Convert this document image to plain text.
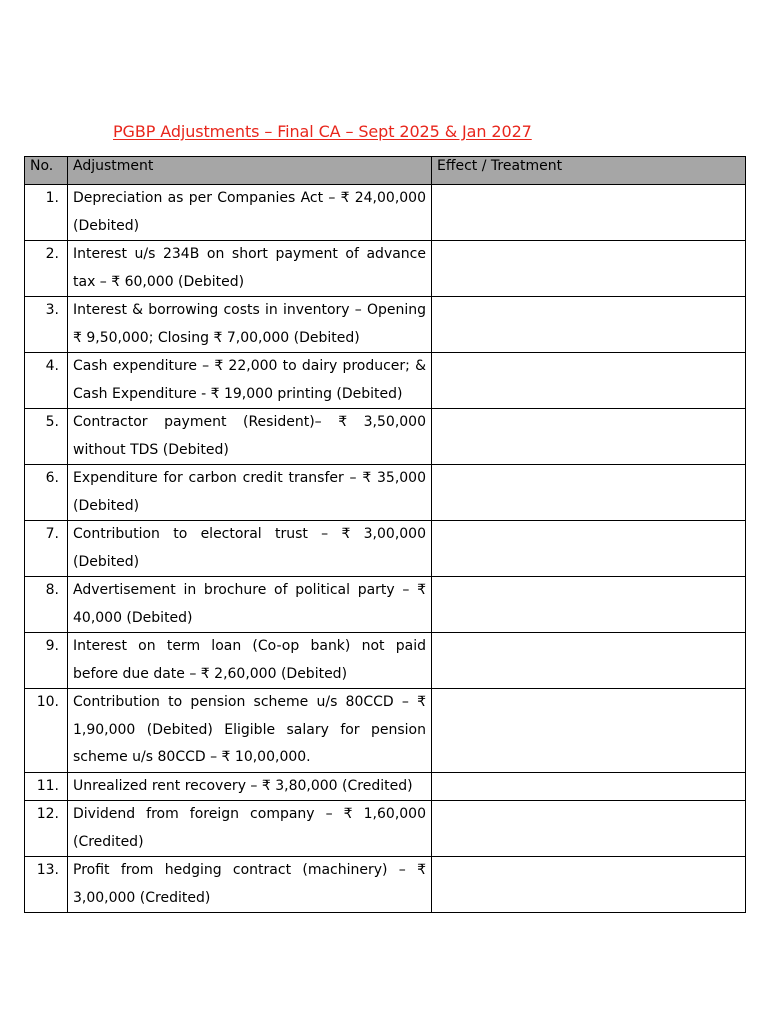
PGBP Adjustments – Final CA – Sept 2025 & Jan 2027
No.	Adjustment	Effect / Treatment
1.	Depreciation as per Companies Act – ₹ 24,00,000 (Debited)	
2.	Interest u/s 234B on short payment of advance tax – ₹ 60,000 (Debited)	
3.	Interest & borrowing costs in inventory – Opening ₹ 9,50,000; Closing ₹ 7,00,000 (Debited)	
4.	Cash expenditure – ₹ 22,000 to dairy producer; & Cash Expenditure - ₹ 19,000 printing (Debited)	
5.	Contractor payment (Resident)– ₹ 3,50,000 without TDS (Debited)	
6.	Expenditure for carbon credit transfer – ₹ 35,000 (Debited)	
7.	Contribution to electoral trust – ₹ 3,00,000 (Debited)	
8.	Advertisement in brochure of political party – ₹ 40,000 (Debited)	
9.	Interest on term loan (Co-op bank) not paid before due date – ₹ 2,60,000 (Debited)	
10.	Contribution to pension scheme u/s 80CCD – ₹ 1,90,000 (Debited) Eligible salary for pension scheme u/s 80CCD – ₹ 10,00,000.	
11.	Unrealized rent recovery – ₹ 3,80,000 (Credited)	
12.	Dividend from foreign company – ₹ 1,60,000 (Credited)	
13.	Profit from hedging contract (machinery) – ₹ 3,00,000 (Credited)	
